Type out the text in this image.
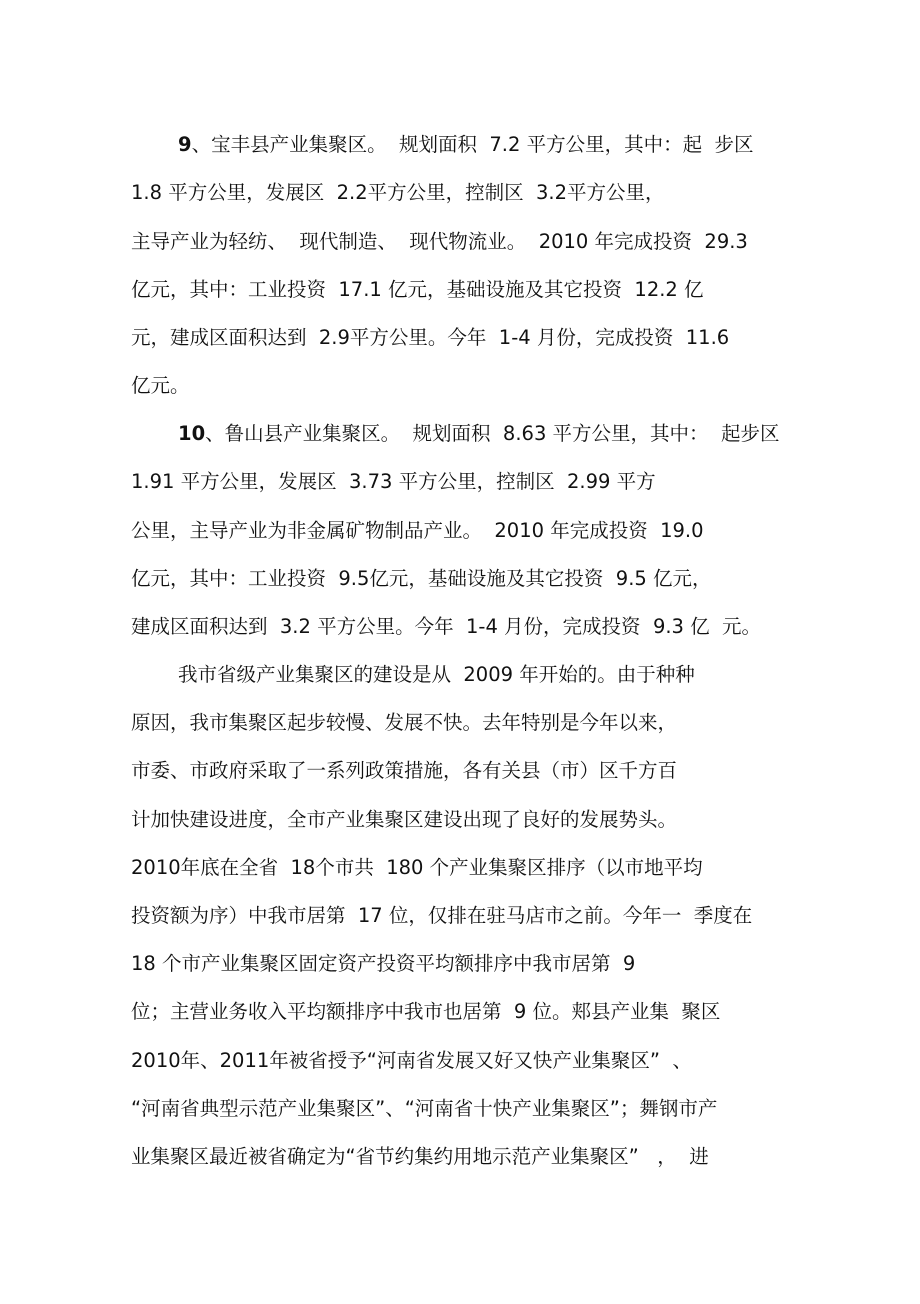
9、宝丰县产业集聚区。  规划面积  7.2 平方公里，其中：起  步区
1.8 平方公里，发展区  2.2平方公里，控制区  3.2平方公里，
主导产业为轻纺、  现代制造、  现代物流业。  2010 年完成投资  29.3
亿元，其中：工业投资  17.1 亿元，基础设施及其它投资  12.2 亿
元，建成区面积达到  2.9平方公里。今年  1-4 月份，完成投资  11.6
亿元。
10、鲁山县产业集聚区。  规划面积  8.63 平方公里，其中：  起步区
1.91 平方公里，发展区  3.73 平方公里，控制区  2.99 平方
公里，主导产业为非金属矿物制品产业。  2010 年完成投资  19.0
亿元，其中：工业投资  9.5亿元，基础设施及其它投资  9.5 亿元，
建成区面积达到  3.2 平方公里。今年  1-4 月份，完成投资  9.3 亿  元。
我市省级产业集聚区的建设是从  2009 年开始的。由于种种
原因，我市集聚区起步较慢、发展不快。去年特别是今年以来，
市委、市政府采取了一系列政策措施，各有关县（市）区千方百
计加快建设进度，全市产业集聚区建设出现了良好的发展势头。
2010年底在全省  18个市共  180 个产业集聚区排序（以市地平均
投资额为序）中我市居第  17 位，仅排在驻马店市之前。今年一  季度在
18 个市产业集聚区固定资产投资平均额排序中我市居第  9
位；主营业务收入平均额排序中我市也居第  9 位。郏县产业集  聚区
2010年、2011年被省授予“河南省发展又好又快产业集聚区”  、
“河南省典型示范产业集聚区”、“河南省十快产业集聚区”；舞钢市产
业集聚区最近被省确定为“省节约集约用地示范产业集聚区”   ，  进
